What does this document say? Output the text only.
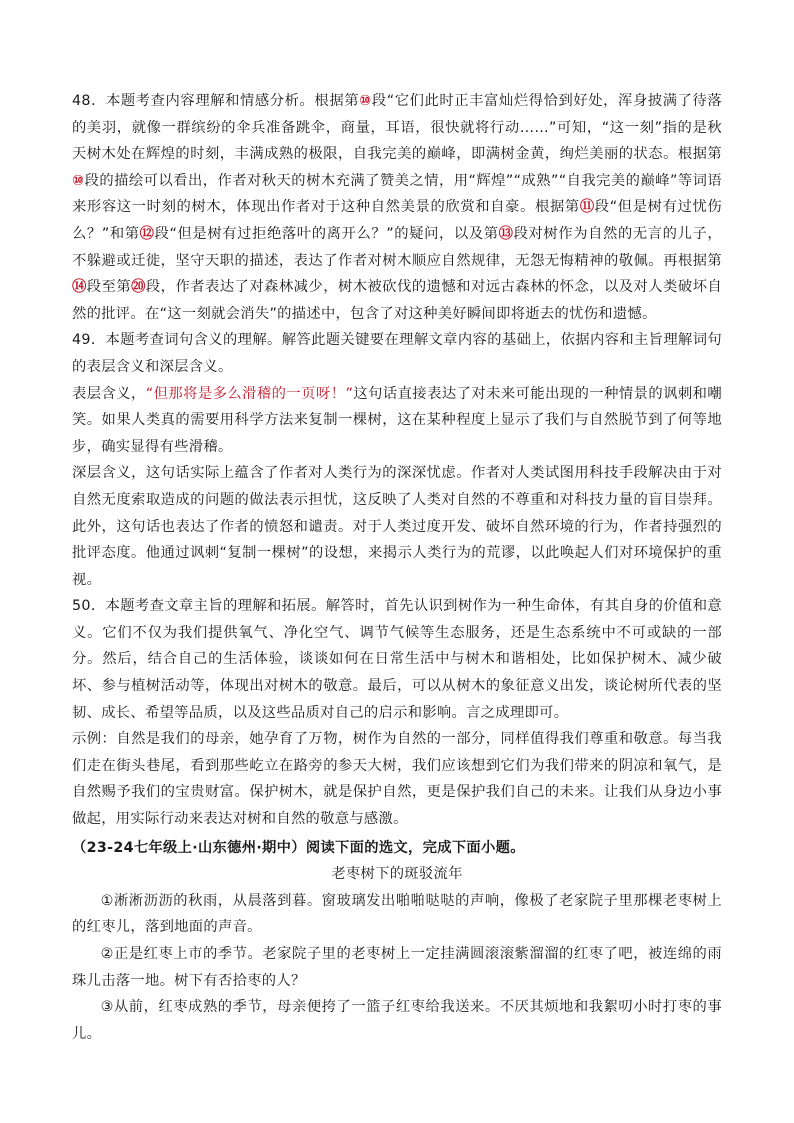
48．本题考查内容理解和情感分析。根据第⑩段“它们此时正丰富灿烂得恰到好处，浑身披满了待落的美羽，就像一群缤纷的伞兵准备跳伞，商量，耳语，很快就将行动……”可知，“这一刻”指的是秋天树木处在辉煌的时刻，丰满成熟的极限，自我完美的巅峰，即满树金黄，绚烂美丽的状态。根据第⑩段的描绘可以看出，作者对秋天的树木充满了赞美之情，用“辉煌”“成熟”“自我完美的巅峰”等词语来形容这一时刻的树木，体现出作者对于这种自然美景的欣赏和自豪。根据第⑪段“但是树有过忧伤么？”和第⑫段“但是树有过拒绝落叶的离开么？”的疑问，以及第⑬段对树作为自然的无言的儿子，不躲避或迁徙，坚守天职的描述，表达了作者对树木顺应自然规律，无怨无悔精神的敬佩。再根据第⑭段至第⑳段，作者表达了对森林减少，树木被砍伐的遗憾和对远古森林的怀念，以及对人类破坏自然的批评。在“这一刻就会消失”的描述中，包含了对这种美好瞬间即将逝去的忧伤和遗憾。

49．本题考查词句含义的理解。解答此题关键要在理解文章内容的基础上，依据内容和主旨理解词句的表层含义和深层含义。

表层含义，“但那将是多么滑稽的一页呀！”这句话直接表达了对未来可能出现的一种情景的讽刺和嘲笑。如果人类真的需要用科学方法来复制一棵树，这在某种程度上显示了我们与自然脱节到了何等地步，确实显得有些滑稽。

深层含义，这句话实际上蕴含了作者对人类行为的深深忧虑。作者对人类试图用科技手段解决由于对自然无度索取造成的问题的做法表示担忧，这反映了人类对自然的不尊重和对科技力量的盲目崇拜。此外，这句话也表达了作者的愤怒和谴责。对于人类过度开发、破坏自然环境的行为，作者持强烈的批评态度。他通过讽刺“复制一棵树”的设想，来揭示人类行为的荒谬，以此唤起人们对环境保护的重视。

50．本题考查文章主旨的理解和拓展。解答时，首先认识到树作为一种生命体，有其自身的价值和意义。它们不仅为我们提供氧气、净化空气、调节气候等生态服务，还是生态系统中不可或缺的一部分。然后，结合自己的生活体验，谈谈如何在日常生活中与树木和谐相处，比如保护树木、减少破坏、参与植树活动等，体现出对树木的敬意。最后，可以从树木的象征意义出发，谈论树所代表的坚韧、成长、希望等品质，以及这些品质对自己的启示和影响。言之成理即可。

示例：自然是我们的母亲，她孕育了万物，树作为自然的一部分，同样值得我们尊重和敬意。每当我们走在街头巷尾，看到那些屹立在路旁的参天大树，我们应该想到它们为我们带来的阴凉和氧气，是自然赐予我们的宝贵财富。保护树木，就是保护自然，更是保护我们自己的未来。让我们从身边小事做起，用实际行动来表达对树和自然的敬意与感激。

（23-24七年级上·山东德州·期中）阅读下面的选文，完成下面小题。

老枣树下的斑驳流年

①淅淅沥沥的秋雨，从晨落到暮。窗玻璃发出啪啪哒哒的声响，像极了老家院子里那棵老枣树上的红枣儿，落到地面的声音。

②正是红枣上市的季节。老家院子里的老枣树上一定挂满圆滚滚紫溜溜的红枣了吧，被连绵的雨珠儿击落一地。树下有否拾枣的人？

③从前，红枣成熟的季节，母亲便挎了一篮子红枣给我送来。不厌其烦地和我絮叨小时打枣的事儿。
